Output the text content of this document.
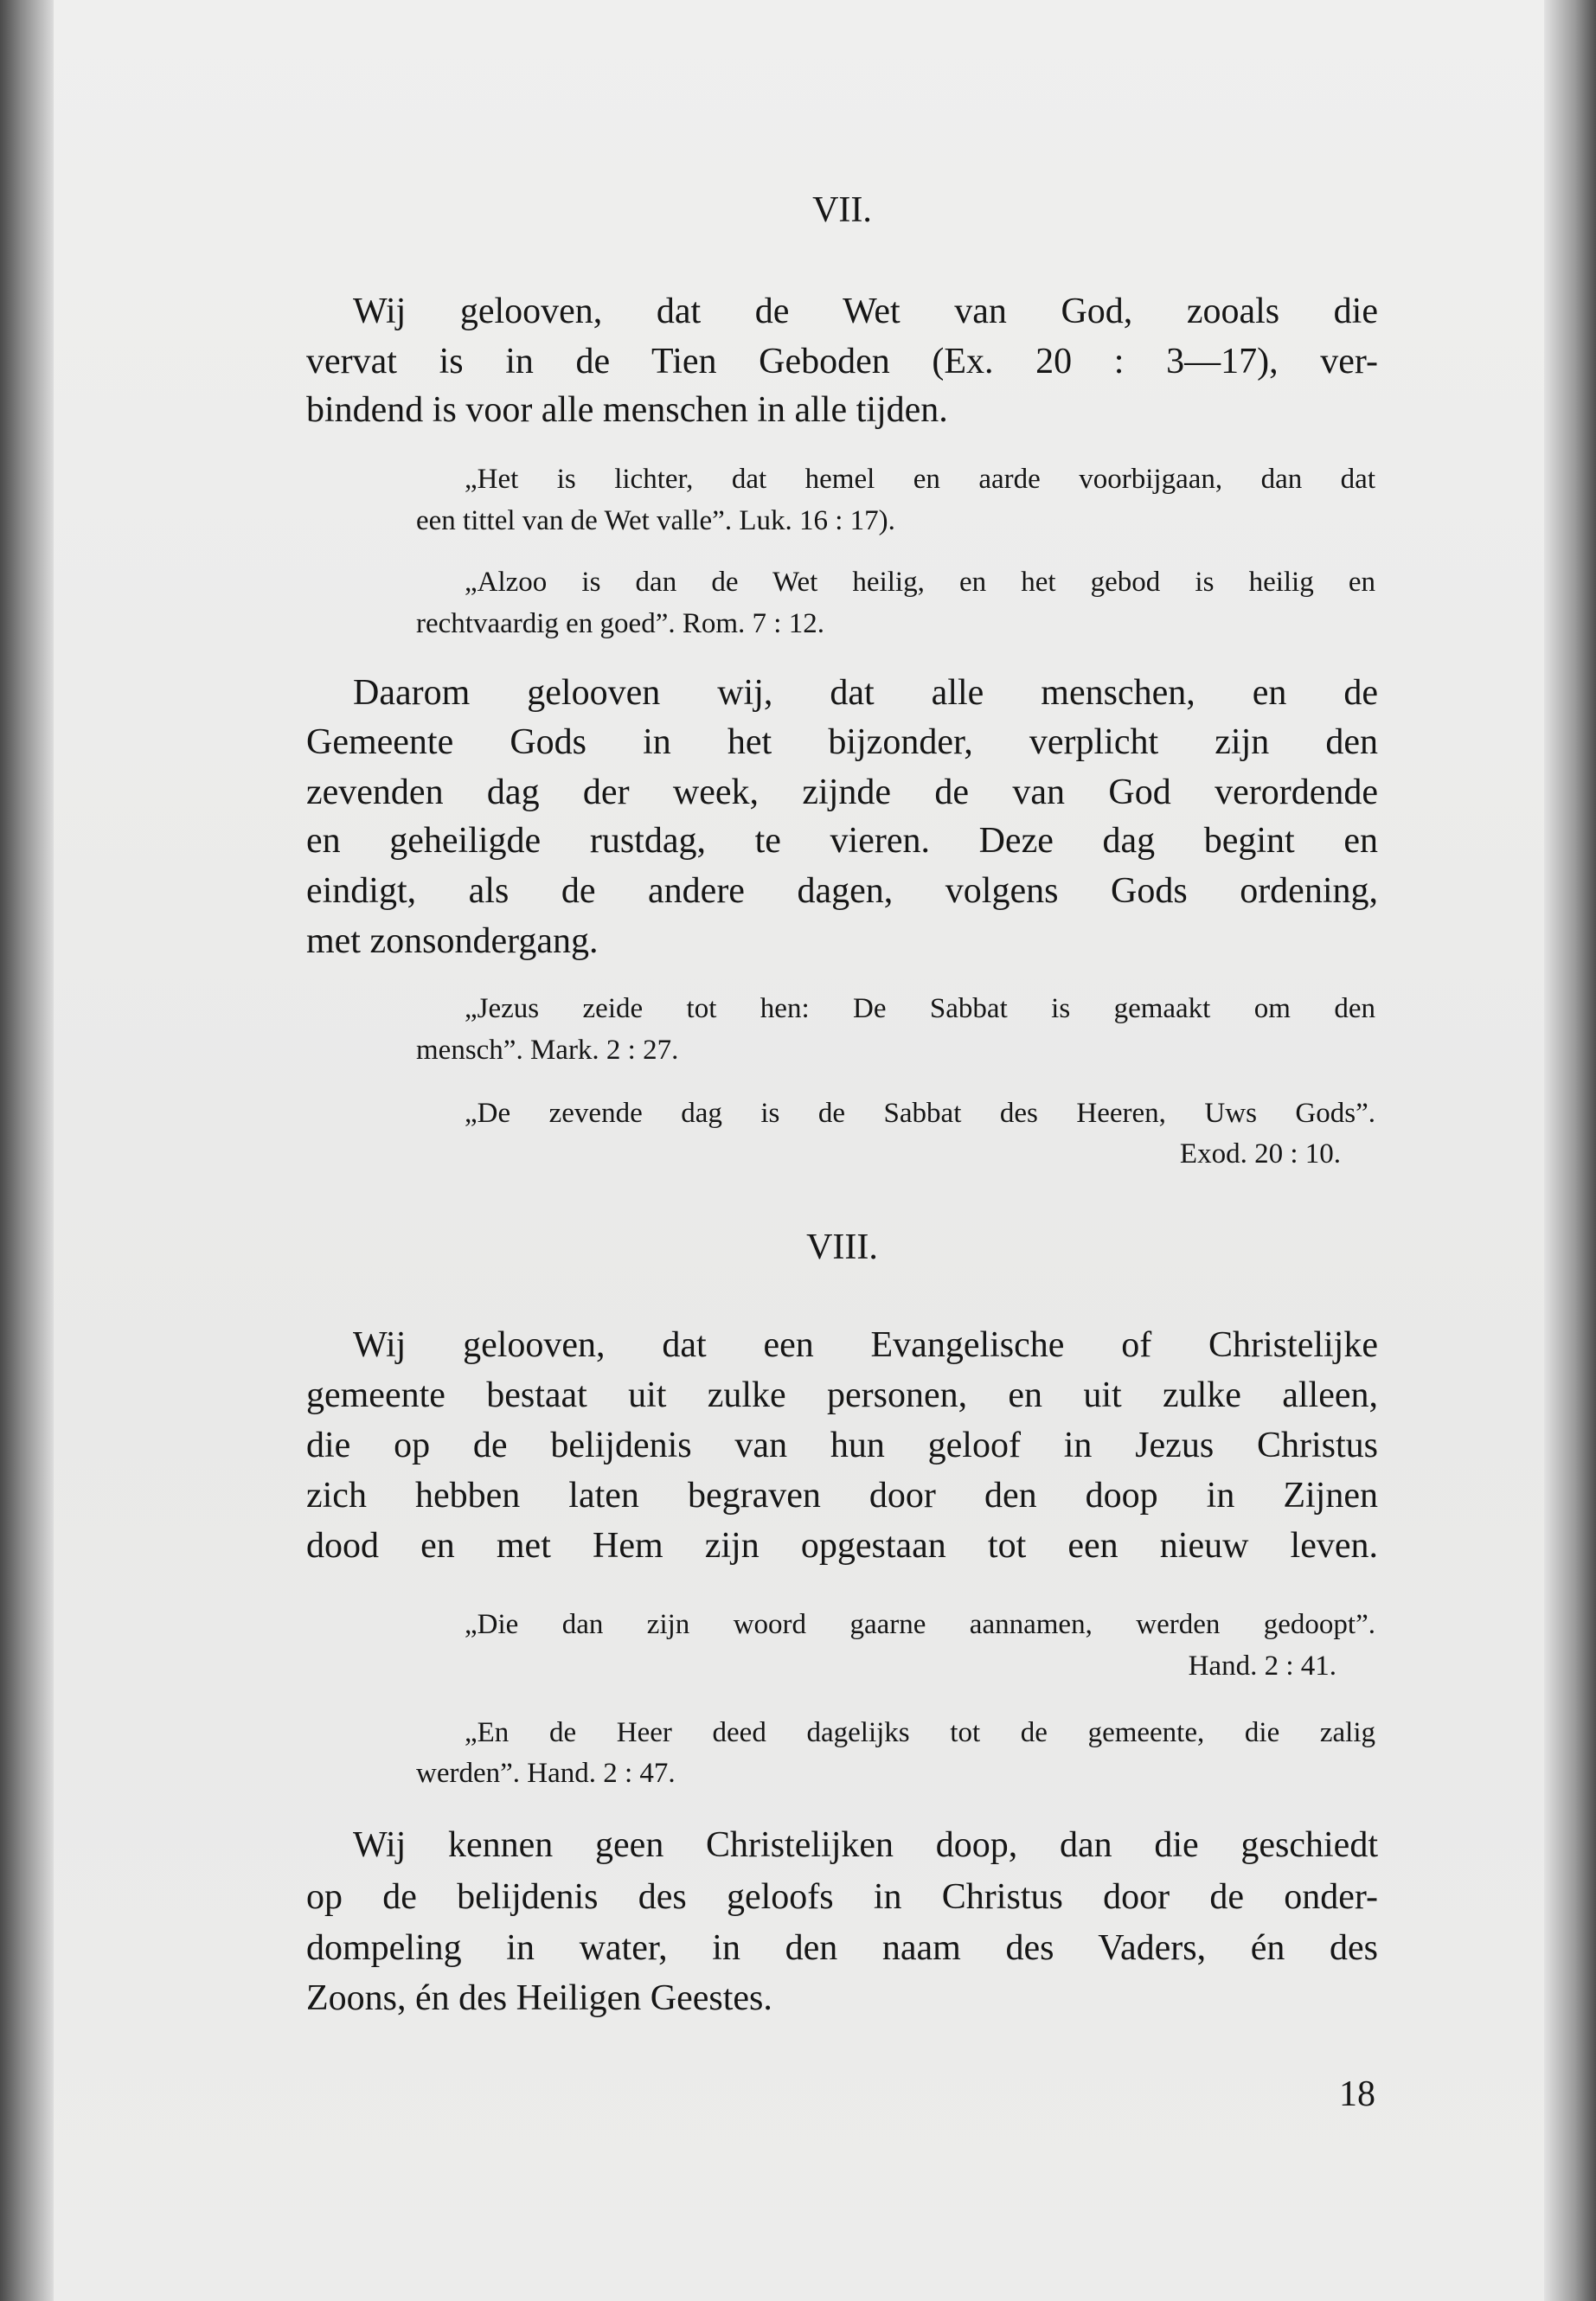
VII.
Wij gelooven, dat de Wet van God, zooals die
vervat is in de Tien Geboden (Ex. 20 : 3—17), ver-
bindend is voor alle menschen in alle tijden.
„Het is lichter, dat hemel en aarde voorbijgaan, dan dat
een tittel van de Wet valle”. Luk. 16 : 17).
„Alzoo is dan de Wet heilig, en het gebod is heilig en
rechtvaardig en goed”. Rom. 7 : 12.
Daarom gelooven wij, dat alle menschen, en de
Gemeente Gods in het bijzonder, verplicht zijn den
zevenden dag der week, zijnde de van God verordende
en geheiligde rustdag, te vieren. Deze dag begint en
eindigt, als de andere dagen, volgens Gods ordening,
met zonsondergang.
„Jezus zeide tot hen: De Sabbat is gemaakt om den
mensch”. Mark. 2 : 27.
„De zevende dag is de Sabbat des Heeren, Uws Gods”.
Exod. 20 : 10.
VIII.
Wij gelooven, dat een Evangelische of Christelijke
gemeente bestaat uit zulke personen, en uit zulke alleen,
die op de belijdenis van hun geloof in Jezus Christus
zich hebben laten begraven door den doop in Zijnen
dood en met Hem zijn opgestaan tot een nieuw leven.
„Die dan zijn woord gaarne aannamen, werden gedoopt”.
Hand. 2 : 41.
„En de Heer deed dagelijks tot de gemeente, die zalig
werden”. Hand. 2 : 47.
Wij kennen geen Christelijken doop, dan die geschiedt
op de belijdenis des geloofs in Christus door de onder-
dompeling in water, in den naam des Vaders, én des
Zoons, én des Heiligen Geestes.
18
